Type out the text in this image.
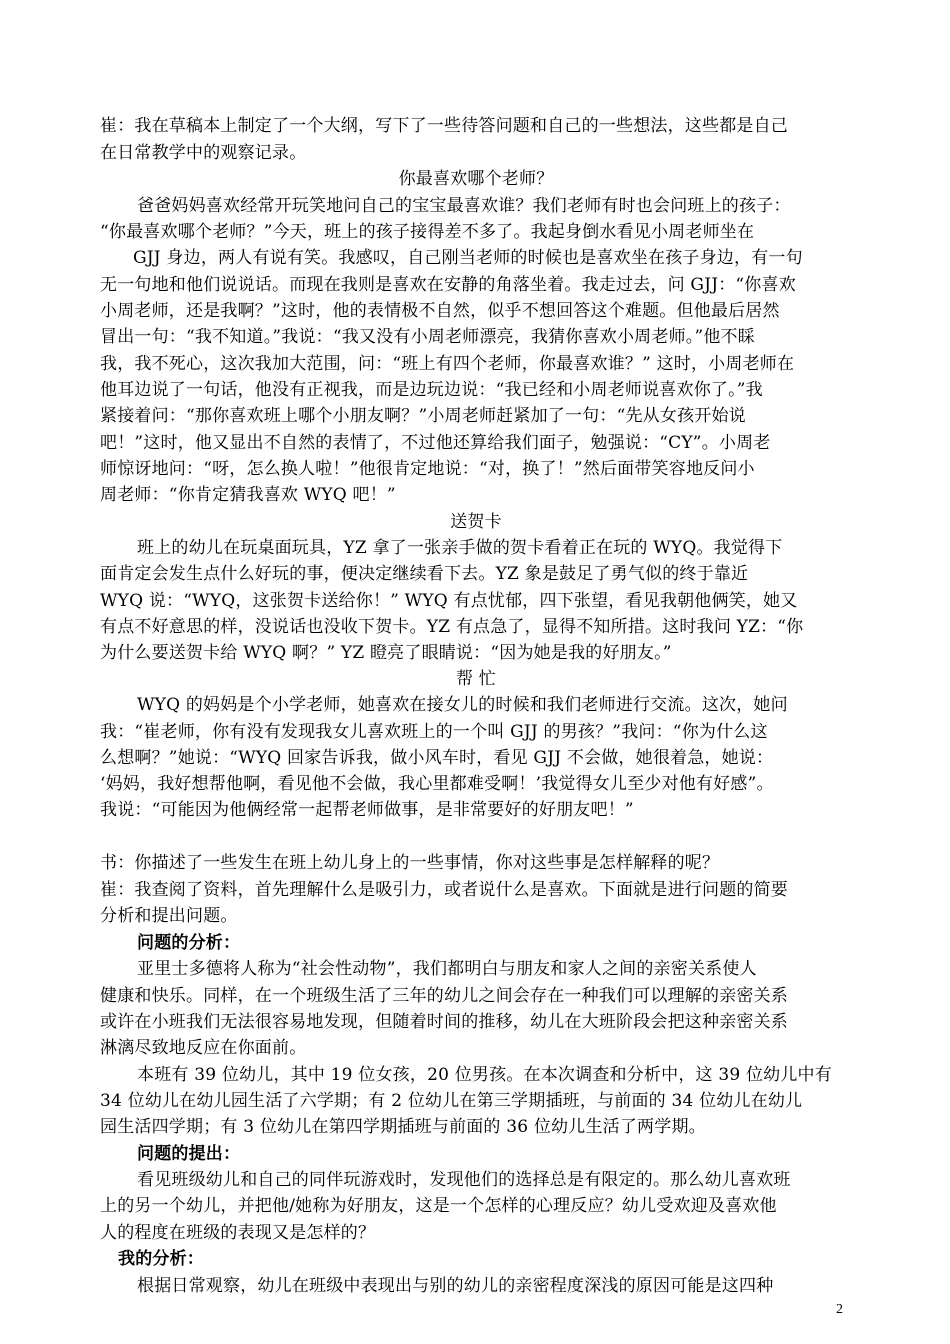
崔：我在草稿本上制定了一个大纲，写下了一些待答问题和自己的一些想法，这些都是自己
在日常教学中的观察记录。
你最喜欢哪个老师？
爸爸妈妈喜欢经常开玩笑地问自己的宝宝最喜欢谁？我们老师有时也会问班上的孩子：
“你最喜欢哪个老师？”今天，班上的孩子接得差不多了。我起身倒水看见小周老师坐在
GJJ 身边，两人有说有笑。我感叹，自己刚当老师的时候也是喜欢坐在孩子身边，有一句
无一句地和他们说说话。而现在我则是喜欢在安静的角落坐着。我走过去，问 GJJ：“你喜欢
小周老师，还是我啊？”这时，他的表情极不自然，似乎不想回答这个难题。但他最后居然
冒出一句：“我不知道。”我说：“我又没有小周老师漂亮，我猜你喜欢小周老师。”他不睬
我，我不死心，这次我加大范围，问：“班上有四个老师，你最喜欢谁？” 这时，小周老师在
他耳边说了一句话，他没有正视我，而是边玩边说：“我已经和小周老师说喜欢你了。”我
紧接着问：“那你喜欢班上哪个小朋友啊？”小周老师赶紧加了一句：“先从女孩开始说
吧！”这时，他又显出不自然的表情了，不过他还算给我们面子，勉强说：“CY”。小周老
师惊讶地问：“呀，怎么换人啦！”他很肯定地说：“对，换了！”然后面带笑容地反问小
周老师：“你肯定猜我喜欢 WYQ 吧！”
送贺卡
班上的幼儿在玩桌面玩具，YZ 拿了一张亲手做的贺卡看着正在玩的 WYQ。我觉得下
面肯定会发生点什么好玩的事，便决定继续看下去。YZ 象是鼓足了勇气似的终于靠近
WYQ 说：“WYQ，这张贺卡送给你！” WYQ 有点忧郁，四下张望，看见我朝他俩笑，她又
有点不好意思的样，没说话也没收下贺卡。YZ 有点急了，显得不知所措。这时我问 YZ：“你
为什么要送贺卡给 WYQ 啊？” YZ 瞪亮了眼睛说：“因为她是我的好朋友。”
帮 忙
WYQ 的妈妈是个小学老师，她喜欢在接女儿的时候和我们老师进行交流。这次，她问
我：“崔老师，你有没有发现我女儿喜欢班上的一个叫 GJJ 的男孩？”我问：“你为什么这
么想啊？”她说：“WYQ 回家告诉我，做小风车时，看见 GJJ 不会做，她很着急，她说：
‘妈妈，我好想帮他啊，看见他不会做，我心里都难受啊！’我觉得女儿至少对他有好感”。
我说：“可能因为他俩经常一起帮老师做事，是非常要好的好朋友吧！”
书：你描述了一些发生在班上幼儿身上的一些事情，你对这些事是怎样解释的呢？
崔：我查阅了资料，首先理解什么是吸引力，或者说什么是喜欢。下面就是进行问题的简要
分析和提出问题。
问题的分析：
亚里士多德将人称为“社会性动物”，我们都明白与朋友和家人之间的亲密关系使人
健康和快乐。同样，在一个班级生活了三年的幼儿之间会存在一种我们可以理解的亲密关系
或许在小班我们无法很容易地发现，但随着时间的推移，幼儿在大班阶段会把这种亲密关系
淋漓尽致地反应在你面前。
本班有 39 位幼儿，其中 19 位女孩，20 位男孩。在本次调查和分析中，这 39 位幼儿中有
34 位幼儿在幼儿园生活了六学期；有 2 位幼儿在第三学期插班，与前面的 34 位幼儿在幼儿
园生活四学期；有 3 位幼儿在第四学期插班与前面的 36 位幼儿生活了两学期。
问题的提出：
看见班级幼儿和自己的同伴玩游戏时，发现他们的选择总是有限定的。那么幼儿喜欢班
上的另一个幼儿，并把他/她称为好朋友，这是一个怎样的心理反应？幼儿受欢迎及喜欢他
人的程度在班级的表现又是怎样的？
我的分析：
根据日常观察，幼儿在班级中表现出与别的幼儿的亲密程度深浅的原因可能是这四种
2
